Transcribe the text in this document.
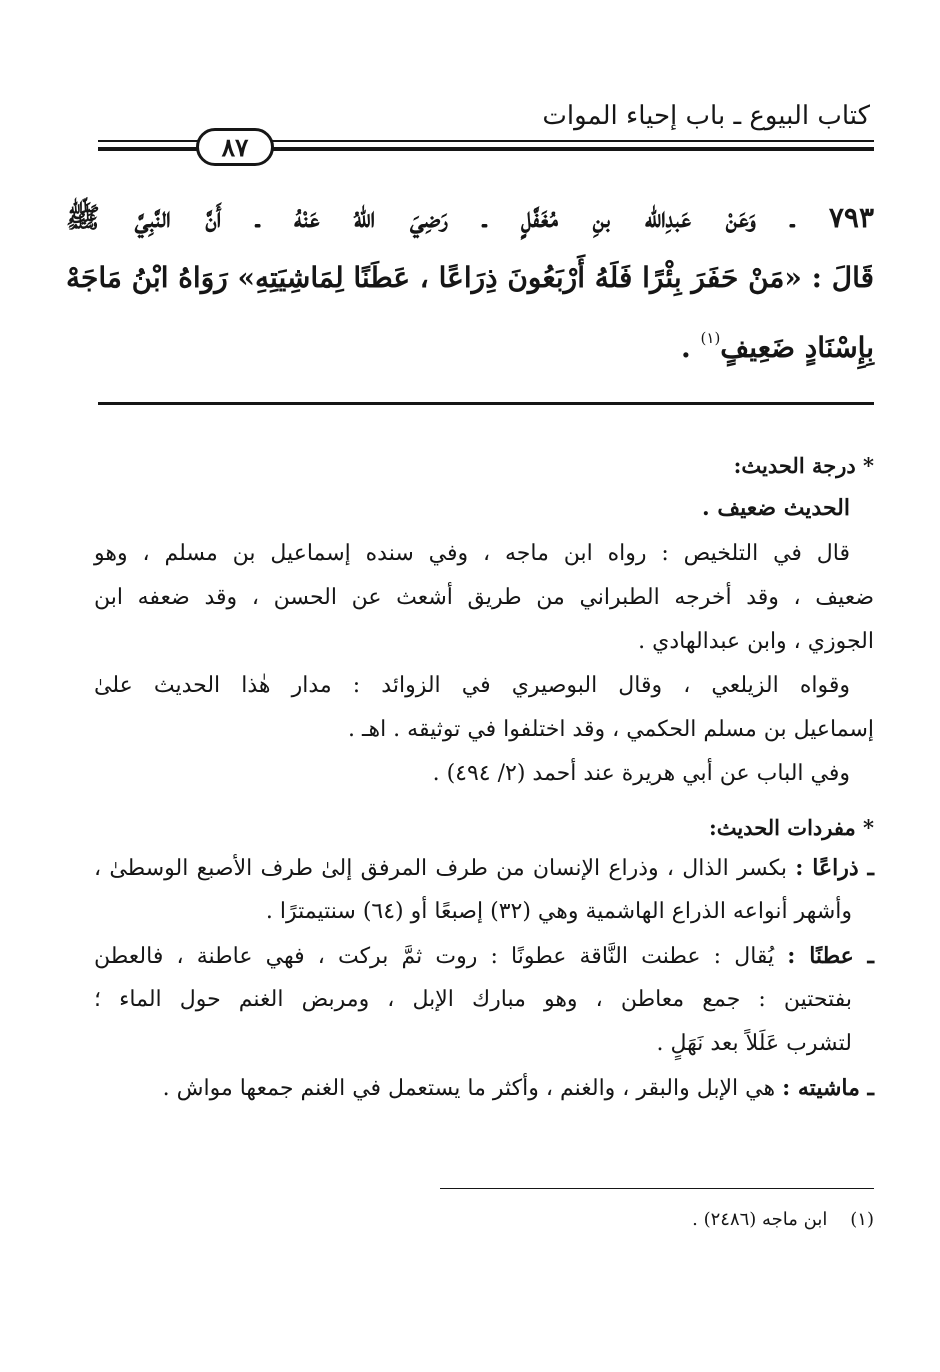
كتاب البيوع ـ باب إحياء الموات
٨٧
٧٩٣ ـ وَعَنْ عَبدِالله بنِ مُغَفَّلٍ ـ رَضِيَ اللهُ عَنْهُ ـ أَنَّ النَّبِيَّ ﷺ
قَالَ : «مَنْ حَفَرَ بِئْرًا فَلَهُ أَرْبَعُونَ ذِرَاعًا ، عَطَنًا لِمَاشِيَتِهِ» رَوَاهُ ابْنُ مَاجَهْ
بِإِسْنَادٍ ضَعِيفٍ$^{(١)}$ .
* درجة الحديث:
الحديث ضعيف .
قال في التلخيص : رواه ابن ماجه ، وفي سنده إسماعيل بن مسلم ، وهو
ضعيف ، وقد أخرجه الطبراني من طريق أشعث عن الحسن ، وقد ضعفه ابن
الجوزي ، وابن عبدالهادي .
وقواه الزيلعي ، وقال البوصيري في الزوائد : مدار هٰذا الحديث علىٰ
إسماعيل بن مسلم الحكمي ، وقد اختلفوا في توثيقه . اهـ .
وفي الباب عن أبي هريرة عند أحمد (٢/ ٤٩٤) .
* مفردات الحديث:
ـ ذراعًا : بكسر الذال ، وذراع الإنسان من طرف المرفق إلىٰ طرف الأصبع الوسطىٰ ،
وأشهر أنواعه الذراع الهاشمية وهي (٣٢) إصبعًا أو (٦٤) سنتيمترًا .
ـ عطنًا : يُقال : عطنت النَّاقة عطونًا : روت ثمَّ بركت ، فهي عاطنة ، فالعطن
بفتحتين : جمع معاطن ، وهو مبارك الإبل ، ومربض الغنم حول الماء ؛
لتشرب عَلَلاً بعد نَهَلٍ .
ـ ماشيته : هي الإبل والبقر ، والغنم ، وأكثر ما يستعمل في الغنم جمعها مواش .
(١)    ابن ماجه (٢٤٨٦) .
